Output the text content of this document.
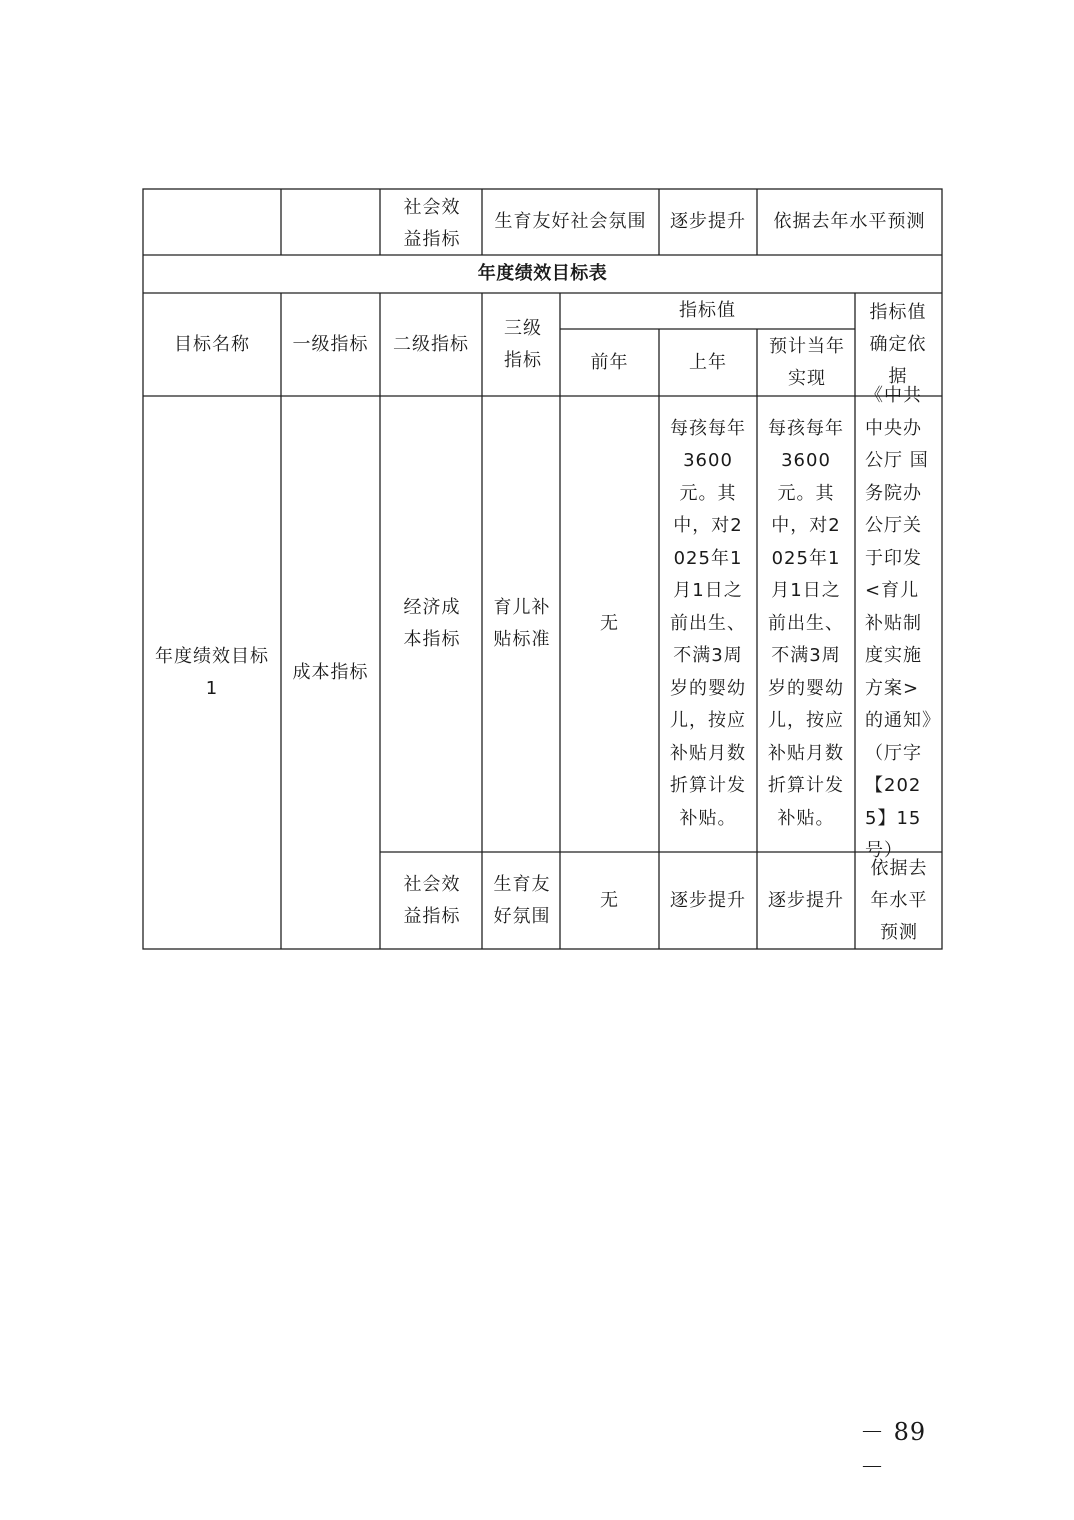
社会效益指标
生育友好社会氛围 逐步提升 依据去年水平预测
年度绩效目标表
目标名称 一级指标 二级指标
三级指标
指标值
前年	上年
预计当年实现
指标值确定依据
年度绩效目标1
成本指标
经济成本指标
育儿补贴标准
无
每孩每年3600元。其中，对2025年1月1日之前出生、不满3周岁的婴幼儿，按应补贴月数折算计发补贴。
每孩每年3600元。其中，对2025年1月1日之前出生、不满3周岁的婴幼儿，按应补贴月数折算计发补贴。
《中共中央办公厅 国务院办公厅关于印发<育儿补贴制度实施方案>的通知》（厅字【2025】15号）
社会效益指标
生育友好氛围
无	逐步提升 逐步提升
依据去年水平预测
－ 89 －
